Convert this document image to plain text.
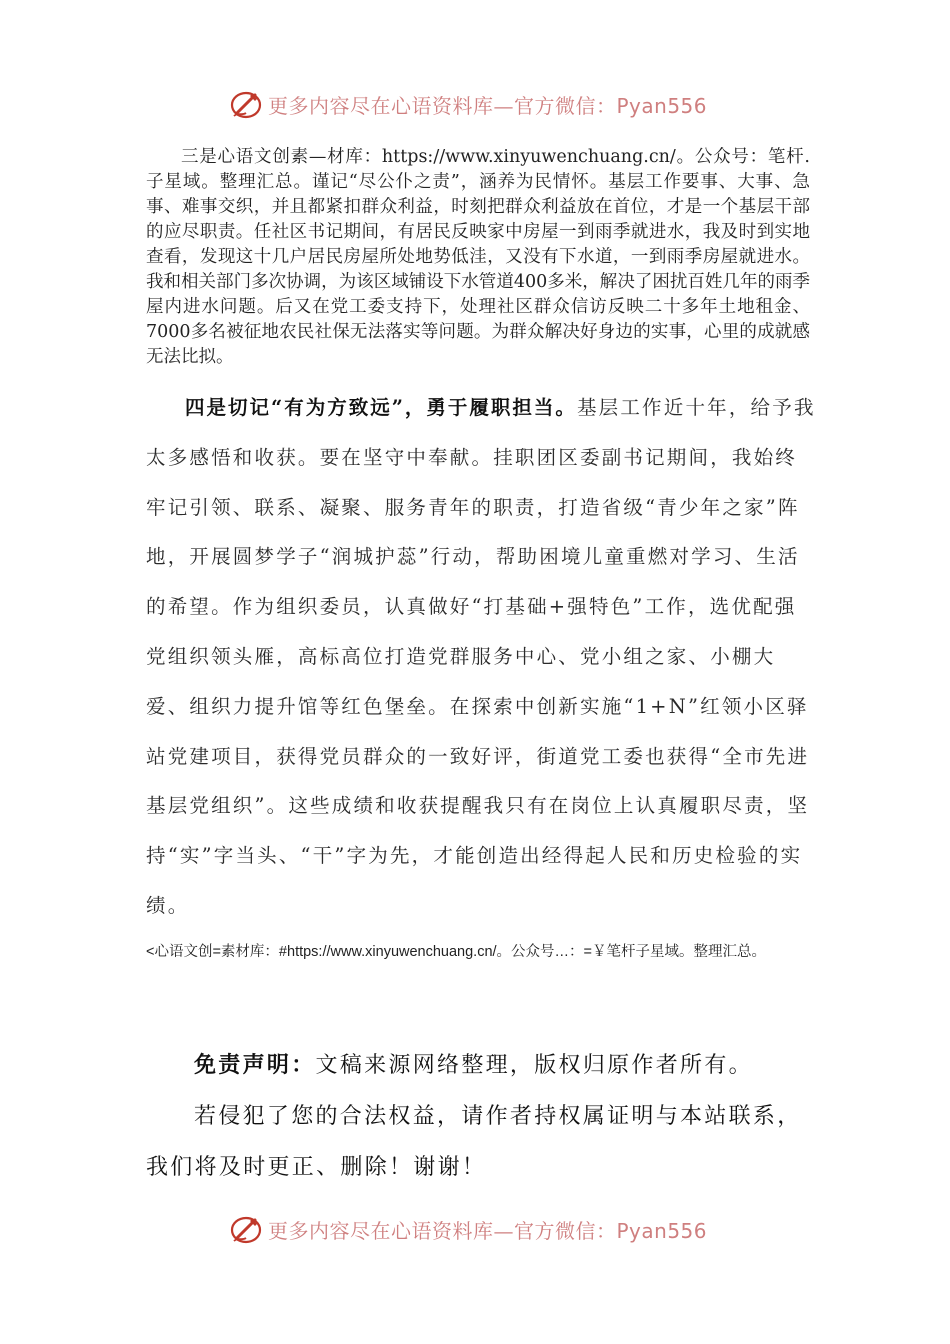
更多内容尽在心语资料库—官方微信：Pyan556

三是心语文创素—材库：https://www.xinyuwenchuang.cn/。公众号：笔杆.子星域。整理汇总。谨记“尽公仆之责”，涵养为民情怀。基层工作要事、大事、急事、难事交织，并且都紧扣群众利益，时刻把群众利益放在首位，才是一个基层干部的应尽职责。任社区书记期间，有居民反映家中房屋一到雨季就进水，我及时到实地查看，发现这十几户居民房屋所处地势低洼，又没有下水道，一到雨季房屋就进水。我和相关部门多次协调，为该区域铺设下水管道400多米，解决了困扰百姓几年的雨季屋内进水问题。后又在党工委支持下，处理社区群众信访反映二十多年土地租金、7000多名被征地农民社保无法落实等问题。为群众解决好身边的实事，心里的成就感无法比拟。

四是切记“有为方致远”，勇于履职担当。基层工作近十年，给予我太多感悟和收获。要在坚守中奉献。挂职团区委副书记期间，我始终牢记引领、联系、凝聚、服务青年的职责，打造省级“青少年之家”阵地，开展圆梦学子“润城护蕊”行动，帮助困境儿童重燃对学习、生活的希望。作为组织委员，认真做好“打基础+强特色”工作，选优配强党组织领头雁，高标高位打造党群服务中心、党小组之家、小棚大爱、组织力提升馆等红色堡垒。在探索中创新实施“1+N”红领小区驿站党建项目，获得党员群众的一致好评，街道党工委也获得“全市先进基层党组织”。这些成绩和收获提醒我只有在岗位上认真履职尽责，坚持“实”字当头、“干”字为先，才能创造出经得起人民和历史检验的实绩。

<心语文创=素材库：#https://www.xinyuwenchuang.cn/。公众号…：=￥笔杆子星域。整理汇总。

免责声明：文稿来源网络整理，版权归原作者所有。
若侵犯了您的合法权益，请作者持权属证明与本站联系，我们将及时更正、删除！谢谢！
更多内容尽在心语资料库—官方微信：Pyan556
